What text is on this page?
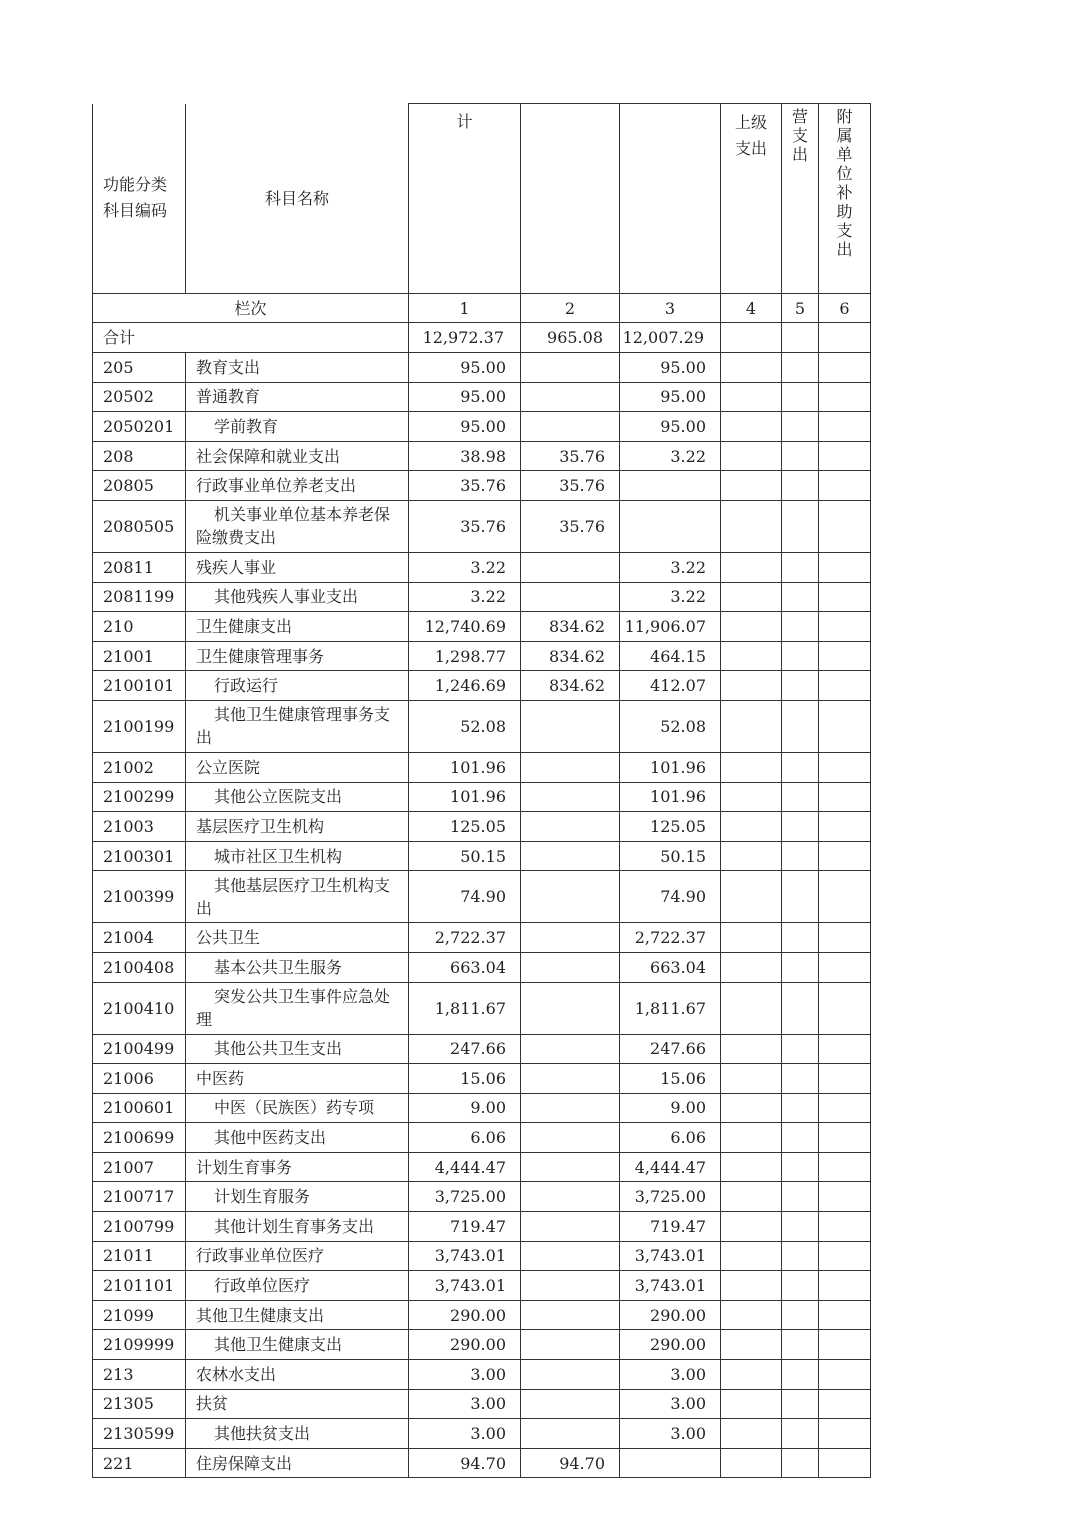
功能分类科目编码	科目名称	计			上级支出	营支出	附属单位补助支出
栏次		1	2	3	4	5	6
合计		12,972.37	965.08	12,007.29			
205	教育支出	95.00		95.00			
20502	普通教育	95.00		95.00			
2050201	学前教育	95.00		95.00			
208	社会保障和就业支出	38.98	35.76	3.22			
20805	行政事业单位养老支出	35.76	35.76				
2080505	机关事业单位基本养老保险缴费支出	35.76	35.76				
20811	残疾人事业	3.22		3.22			
2081199	其他残疾人事业支出	3.22		3.22			
210	卫生健康支出	12,740.69	834.62	11,906.07			
21001	卫生健康管理事务	1,298.77	834.62	464.15			
2100101	行政运行	1,246.69	834.62	412.07			
2100199	其他卫生健康管理事务支出	52.08		52.08			
21002	公立医院	101.96		101.96			
2100299	其他公立医院支出	101.96		101.96			
21003	基层医疗卫生机构	125.05		125.05			
2100301	城市社区卫生机构	50.15		50.15			
2100399	其他基层医疗卫生机构支出	74.90		74.90			
21004	公共卫生	2,722.37		2,722.37			
2100408	基本公共卫生服务	663.04		663.04			
2100410	突发公共卫生事件应急处理	1,811.67		1,811.67			
2100499	其他公共卫生支出	247.66		247.66			
21006	中医药	15.06		15.06			
2100601	中医（民族医）药专项	9.00		9.00			
2100699	其他中医药支出	6.06		6.06			
21007	计划生育事务	4,444.47		4,444.47			
2100717	计划生育服务	3,725.00		3,725.00			
2100799	其他计划生育事务支出	719.47		719.47			
21011	行政事业单位医疗	3,743.01		3,743.01			
2101101	行政单位医疗	3,743.01		3,743.01			
21099	其他卫生健康支出	290.00		290.00			
2109999	其他卫生健康支出	290.00		290.00			
213	农林水支出	3.00		3.00			
21305	扶贫	3.00		3.00			
2130599	其他扶贫支出	3.00		3.00			
221	住房保障支出	94.70	94.70				
